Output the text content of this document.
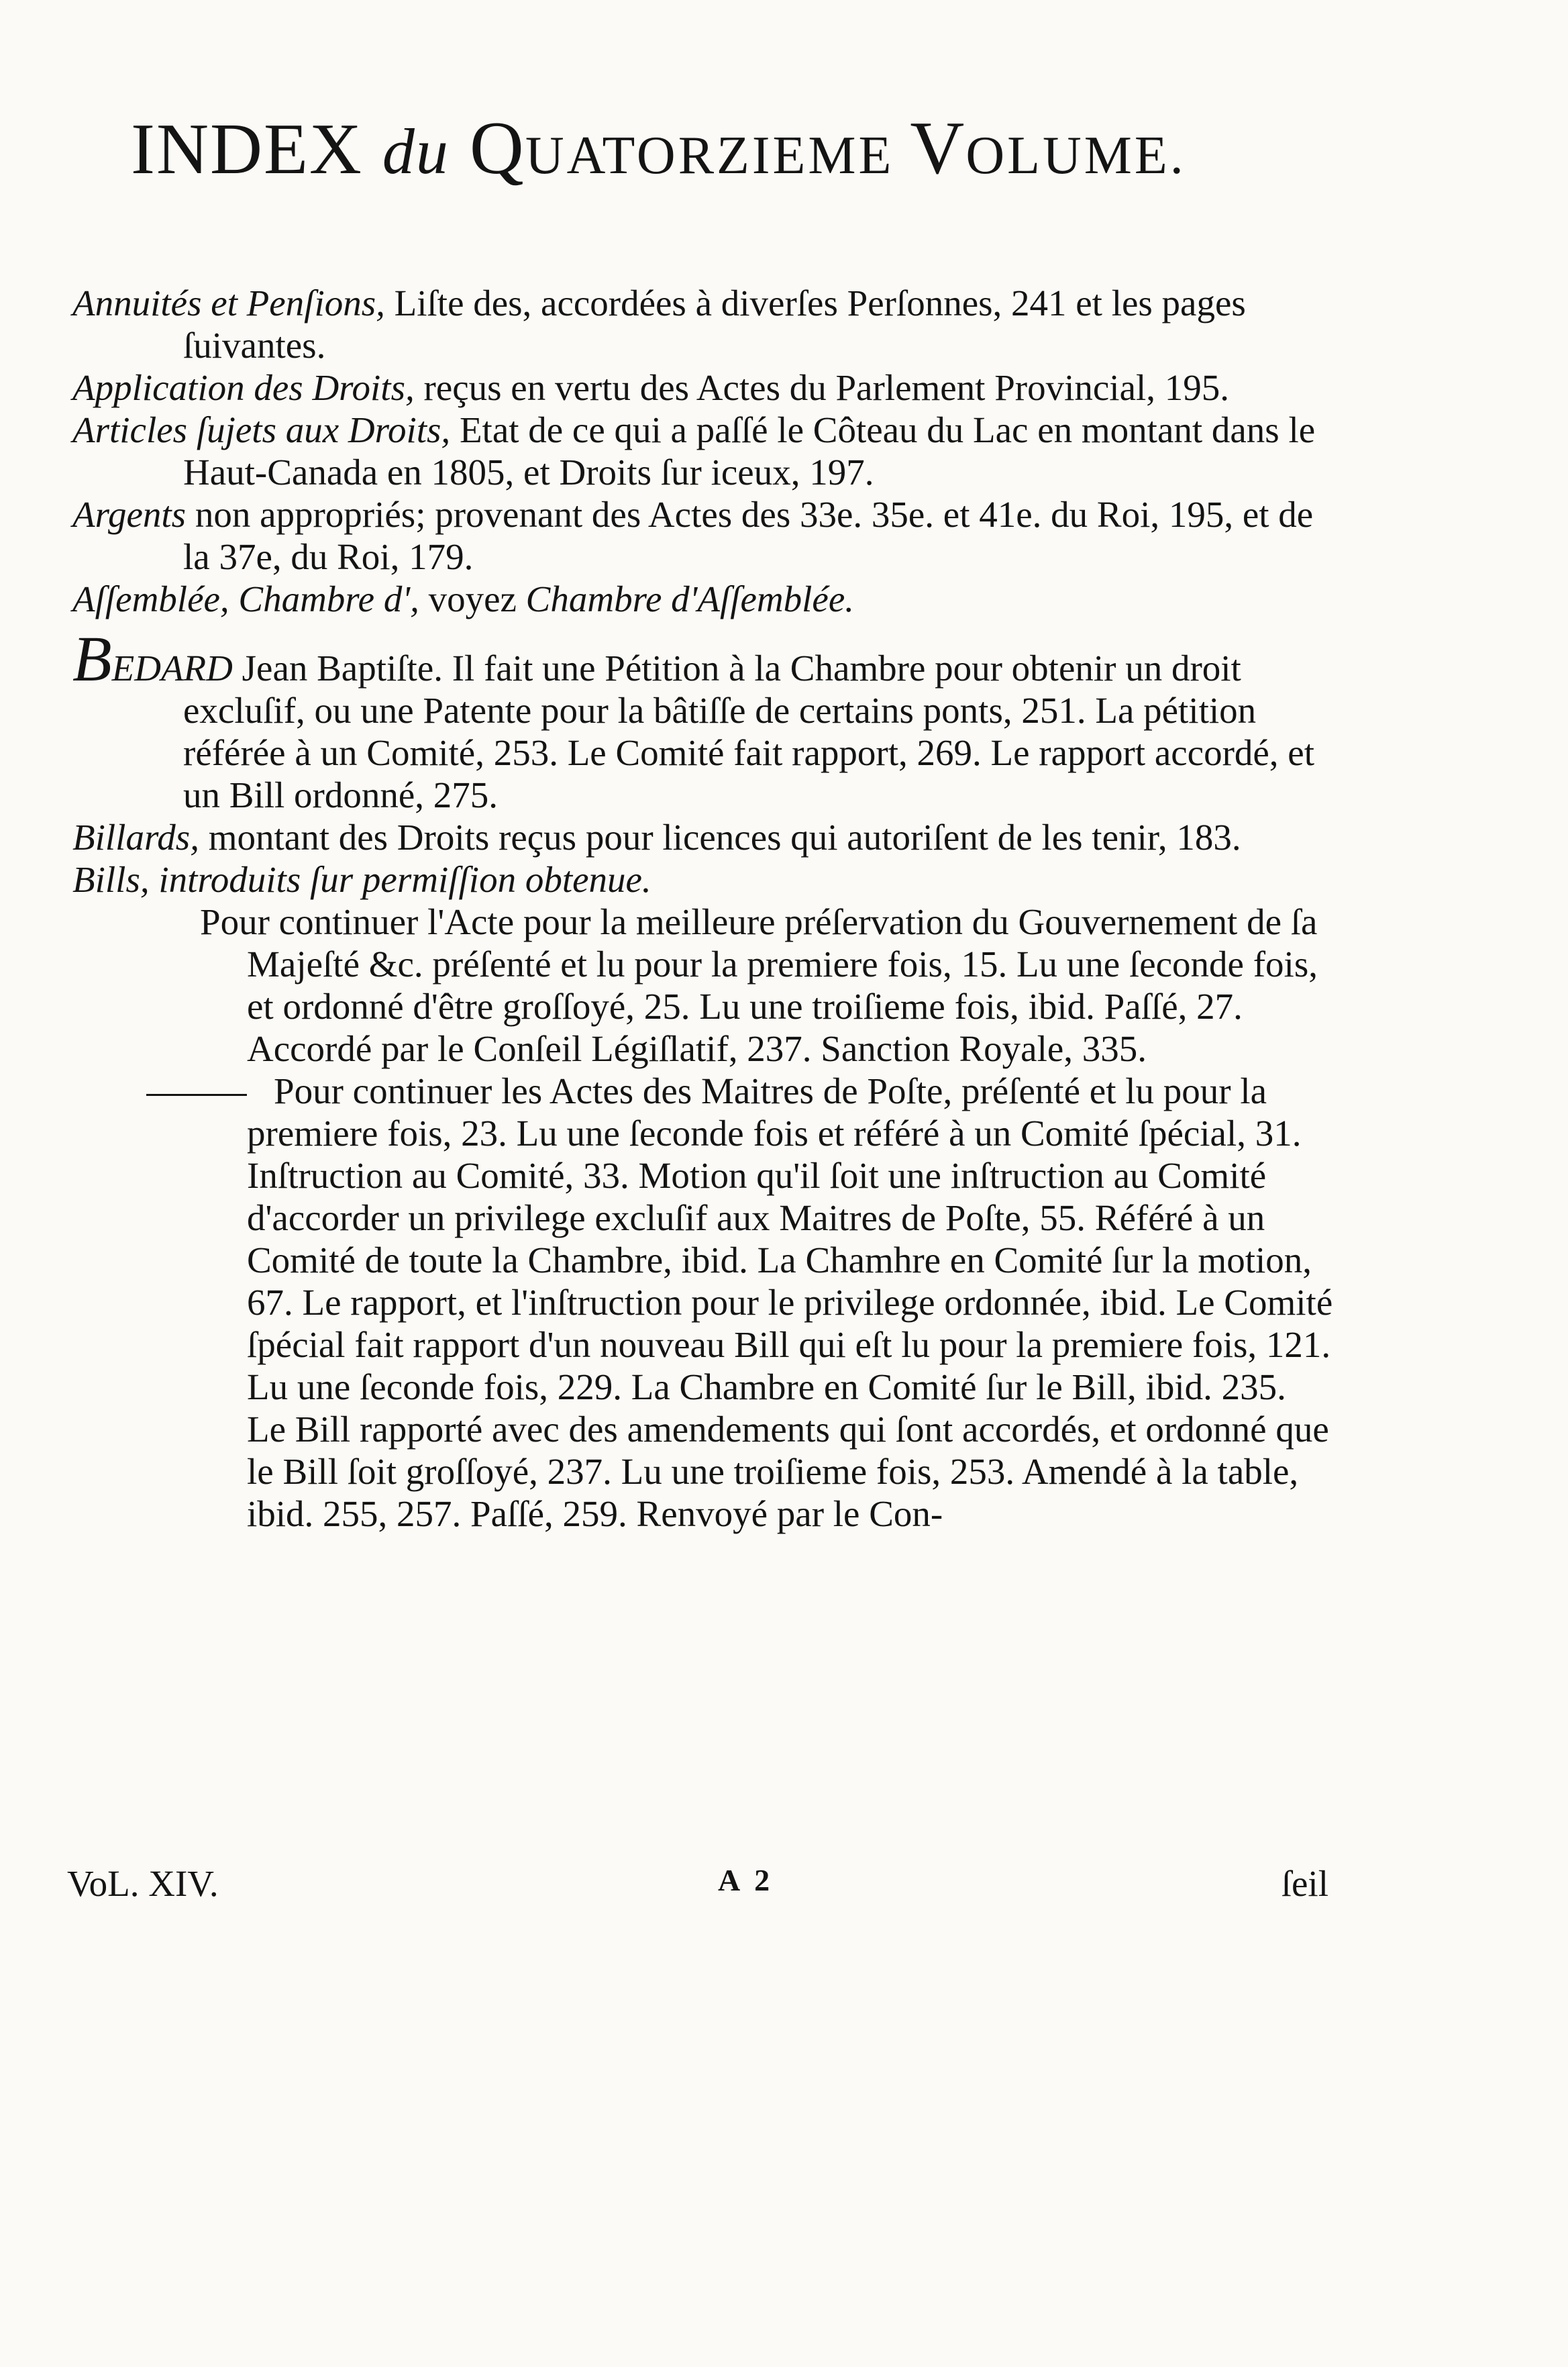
INDEX du QUATORZIEME VOLUME.
Annuités et Penſions, Liſte des, accordées à diverſes Perſonnes, 241 et les pages ſuivantes.
Application des Droits, reçus en vertu des Actes du Parlement Provincial, 195.
Articles ſujets aux Droits, Etat de ce qui a paſſé le Côteau du Lac en montant dans le Haut-Canada en 1805, et Droits ſur iceux, 197.
Argents non appropriés; provenant des Actes des 33e. 35e. et 41e. du Roi, 195, et de la 37e, du Roi, 179.
Aſſemblée, Chambre d', voyez Chambre d'Aſſemblée.
BEDARD Jean Baptiſte. Il fait une Pétition à la Chambre pour obtenir un droit excluſif, ou une Patente pour la bâtiſſe de certains ponts, 251. La pétition référée à un Comité, 253. Le Comité fait rapport, 269. Le rapport accordé, et un Bill ordonné, 275.
Billards, montant des Droits reçus pour licences qui autoriſent de les tenir, 183.
Bills, introduits ſur permiſſion obtenue.
Pour continuer l'Acte pour la meilleure préſervation du Gouvernement de ſa Majeſté &c. préſenté et lu pour la premiere fois, 15. Lu une ſeconde fois, et ordonné d'être groſſoyé, 25. Lu une troiſieme fois, ibid. Paſſé, 27. Accordé par le Conſeil Légiſlatif, 237. Sanction Royale, 335.
Pour continuer les Actes des Maitres de Poſte, préſenté et lu pour la premiere fois, 23. Lu une ſeconde fois et référé à un Comité ſpécial, 31. Inſtruction au Comité, 33. Motion qu'il ſoit une inſtruction au Comité d'accorder un privilege excluſif aux Maitres de Poſte, 55. Référé à un Comité de toute la Chambre, ibid. La Chamhre en Comité ſur la motion, 67. Le rapport, et l'inſtruction pour le privilege ordonnée, ibid. Le Comité ſpécial fait rapport d'un nouveau Bill qui eſt lu pour la premiere fois, 121. Lu une ſeconde fois, 229. La Chambre en Comité ſur le Bill, ibid. 235. Le Bill rapporté avec des amendements qui ſont accordés, et ordonné que le Bill ſoit groſſoyé, 237. Lu une troiſieme fois, 253. Amendé à la table, ibid. 255, 257. Paſſé, 259. Renvoyé par le Con-
VoL. XIV.	A 2	ſeil
